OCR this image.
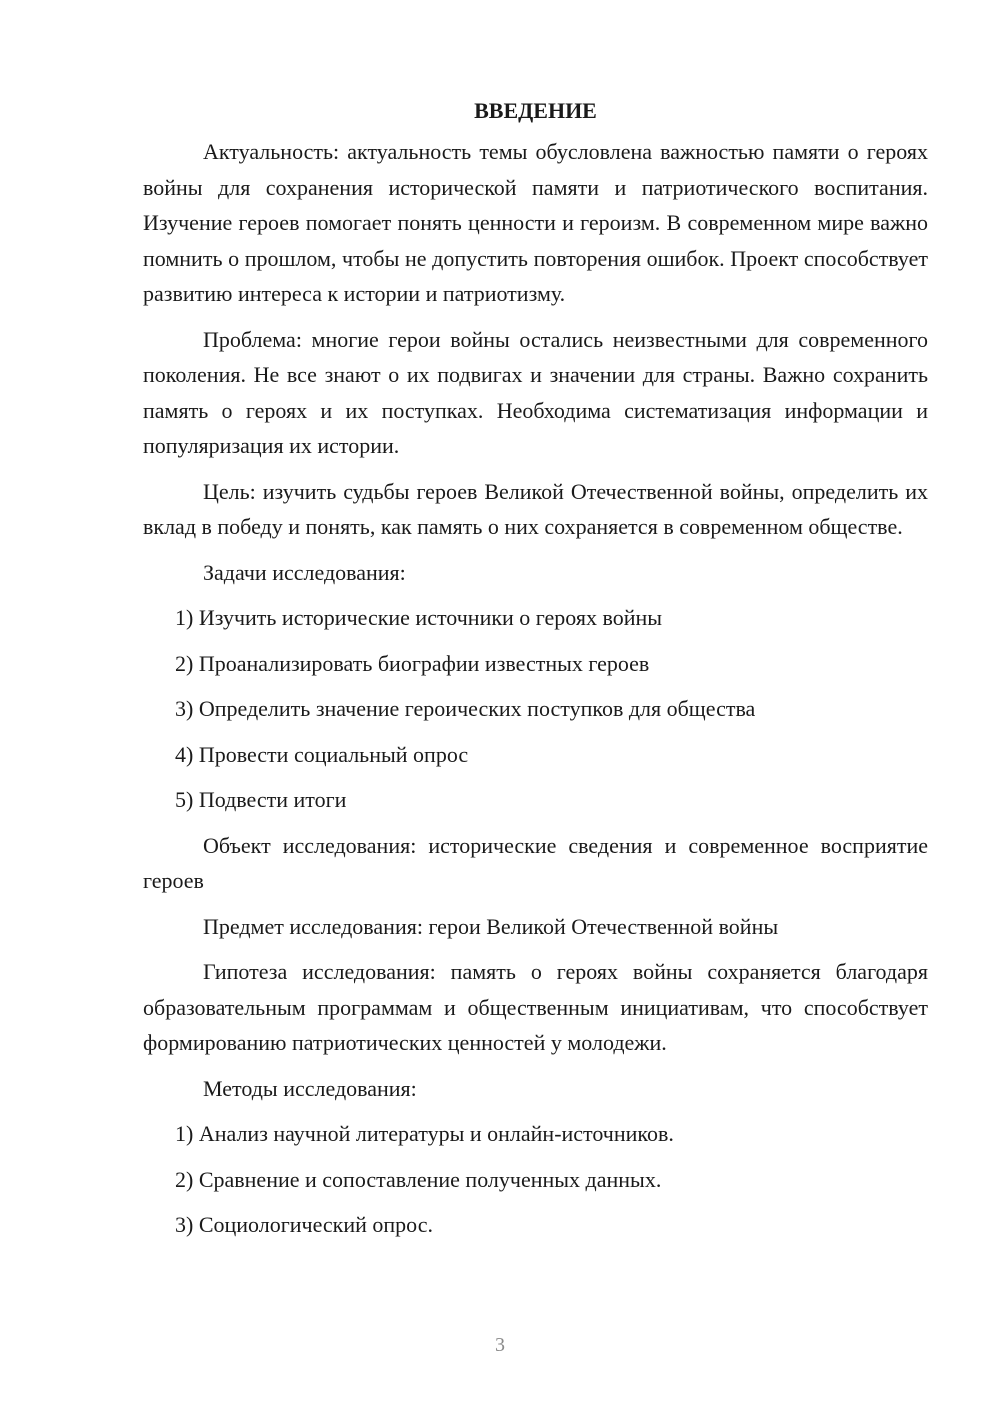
ВВЕДЕНИЕ

Актуальность: актуальность темы обусловлена важностью памяти о героях войны для сохранения исторической памяти и патриотического воспитания. Изучение героев помогает понять ценности и героизм. В современном мире важно помнить о прошлом, чтобы не допустить повторения ошибок. Проект способствует развитию интереса к истории и патриотизму.

Проблема: многие герои войны остались неизвестными для современного поколения. Не все знают о их подвигах и значении для страны. Важно сохранить память о героях и их поступках. Необходима систематизация информации и популяризация их истории.

Цель: изучить судьбы героев Великой Отечественной войны, определить их вклад в победу и понять, как память о них сохраняется в современном обществе.

Задачи исследования:

1) Изучить исторические источники о героях войны

2) Проанализировать биографии известных героев

3) Определить значение героических поступков для общества

4) Провести социальный опрос

5) Подвести итоги

Объект исследования: исторические сведения и современное восприятие героев

Предмет исследования: герои Великой Отечественной войны

Гипотеза исследования: память о героях войны сохраняется благодаря образовательным программам и общественным инициативам, что способствует формированию патриотических ценностей у молодежи.

Методы исследования:

1) Анализ научной литературы и онлайн-источников.

2) Сравнение и сопоставление полученных данных.

3) Социологический опрос.

3
